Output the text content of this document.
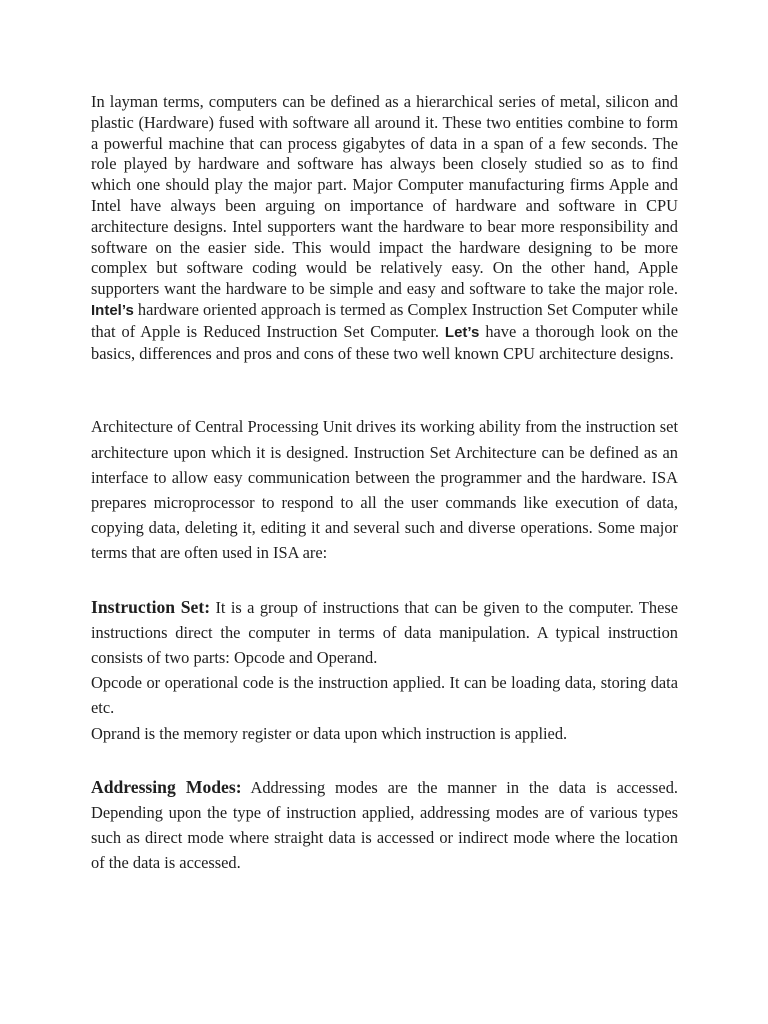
In layman terms, computers can be defined as a hierarchical series of metal, silicon and plastic (Hardware) fused with software all around it. These two entities combine to form a powerful machine that can process gigabytes of data in a span of a few seconds. The role played by hardware and software has always been closely studied so as to find which one should play the major part. Major Computer manufacturing firms Apple and Intel have always been arguing on importance of hardware and software in CPU architecture designs. Intel supporters want the hardware to bear more responsibility and software on the easier side. This would impact the hardware designing to be more complex but software coding would be relatively easy. On the other hand, Apple supporters want the hardware to be simple and easy and software to take the major role. Intel’s hardware oriented approach is termed as Complex Instruction Set Computer while that of Apple is Reduced Instruction Set Computer. Let’s have a thorough look on the basics, differences and pros and cons of these two well known CPU architecture designs.

Architecture of Central Processing Unit drives its working ability from the instruction set architecture upon which it is designed. Instruction Set Architecture can be defined as an interface to allow easy communication between the programmer and the hardware. ISA prepares microprocessor to respond to all the user commands like execution of data, copying data, deleting it, editing it and several such and diverse operations. Some major terms that are often used in ISA are:

Instruction Set: It is a group of instructions that can be given to the computer. These instructions direct the computer in terms of data manipulation. A typical instruction consists of two parts: Opcode and Operand.

Opcode or operational code is the instruction applied. It can be loading data, storing data etc.

Oprand is the memory register or data upon which instruction is applied.

Addressing Modes: Addressing modes are the manner in the data is accessed. Depending upon the type of instruction applied, addressing modes are of various types such as direct mode where straight data is accessed or indirect mode where the location of the data is accessed.
